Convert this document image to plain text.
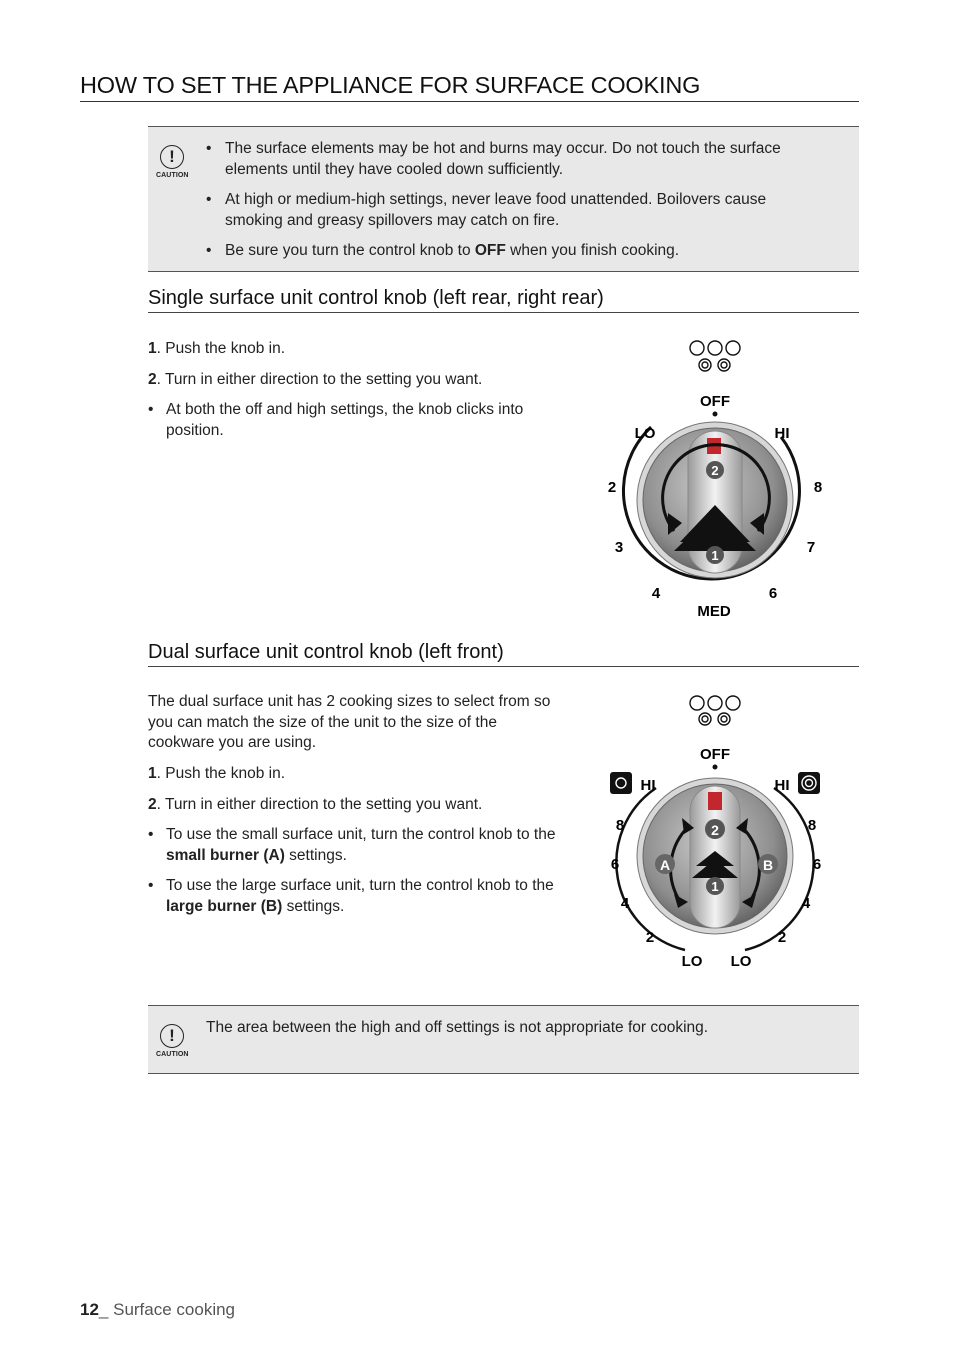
HOW TO SET THE APPLIANCE FOR SURFACE COOKING
!
CAUTION
• The surface elements may be hot and burns may occur. Do not touch the surface elements until they have cooled down sufficiently.
• At high or medium-high settings, never leave food unattended. Boilovers cause smoking and greasy spillovers may catch on fire.
• Be sure you turn the control knob to OFF when you finish cooking.
Single surface unit control knob (left rear, right rear)
1. Push the knob in.
2. Turn in either direction to the setting you want.
• At both the off and high settings, the knob clicks into position.
2
1
OFF
LO	HI
2	8
3	7
4	6
MED
Dual surface unit control knob (left front)
The dual surface unit has 2 cooking sizes to select from so you can match the size of the unit to the size of the cookware you are using.
1. Push the knob in.
2. Turn in either direction to the setting you want.
• To use the small surface unit, turn the control knob to the small burner (A) settings.
• To use the large surface unit, turn the control knob to the large burner (B) settings.
2
1
A	B
OFF
HI	HI
8	8
6	6
4	4
2	2
LO LO
!
CAUTION
The area between the high and off settings is not appropriate for cooking.
12_ Surface cooking
